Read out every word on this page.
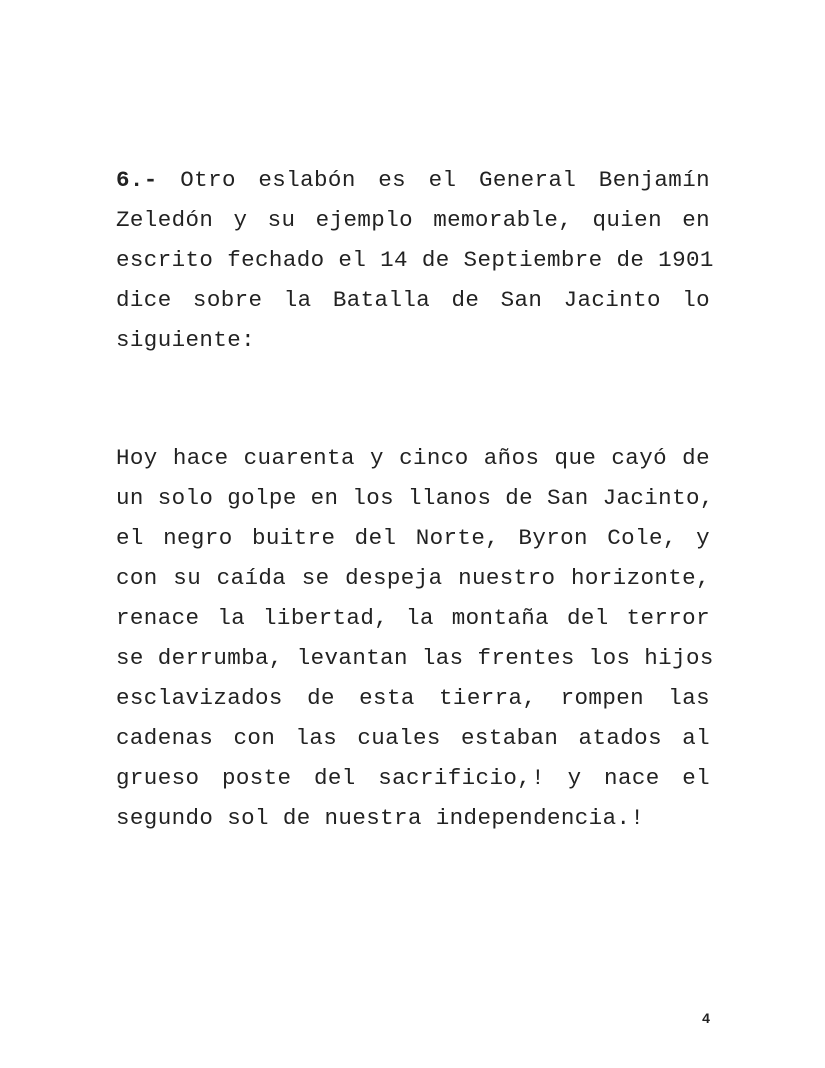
6.- Otro eslabón es el General Benjamín
Zeledón y su ejemplo memorable, quien en
escrito fechado el 14 de Septiembre de 1901
dice sobre la Batalla de San Jacinto lo
siguiente:
Hoy hace cuarenta y cinco años que cayó de
un solo golpe en los llanos de San Jacinto,
el negro buitre del Norte, Byron Cole, y
con su caída se despeja nuestro horizonte,
renace la libertad, la montaña del terror
se derrumba, levantan las frentes los hijos
esclavizados de esta tierra, rompen las
cadenas con las cuales estaban atados al
grueso poste del sacrificio,! y nace el
segundo sol de nuestra independencia.!
4
